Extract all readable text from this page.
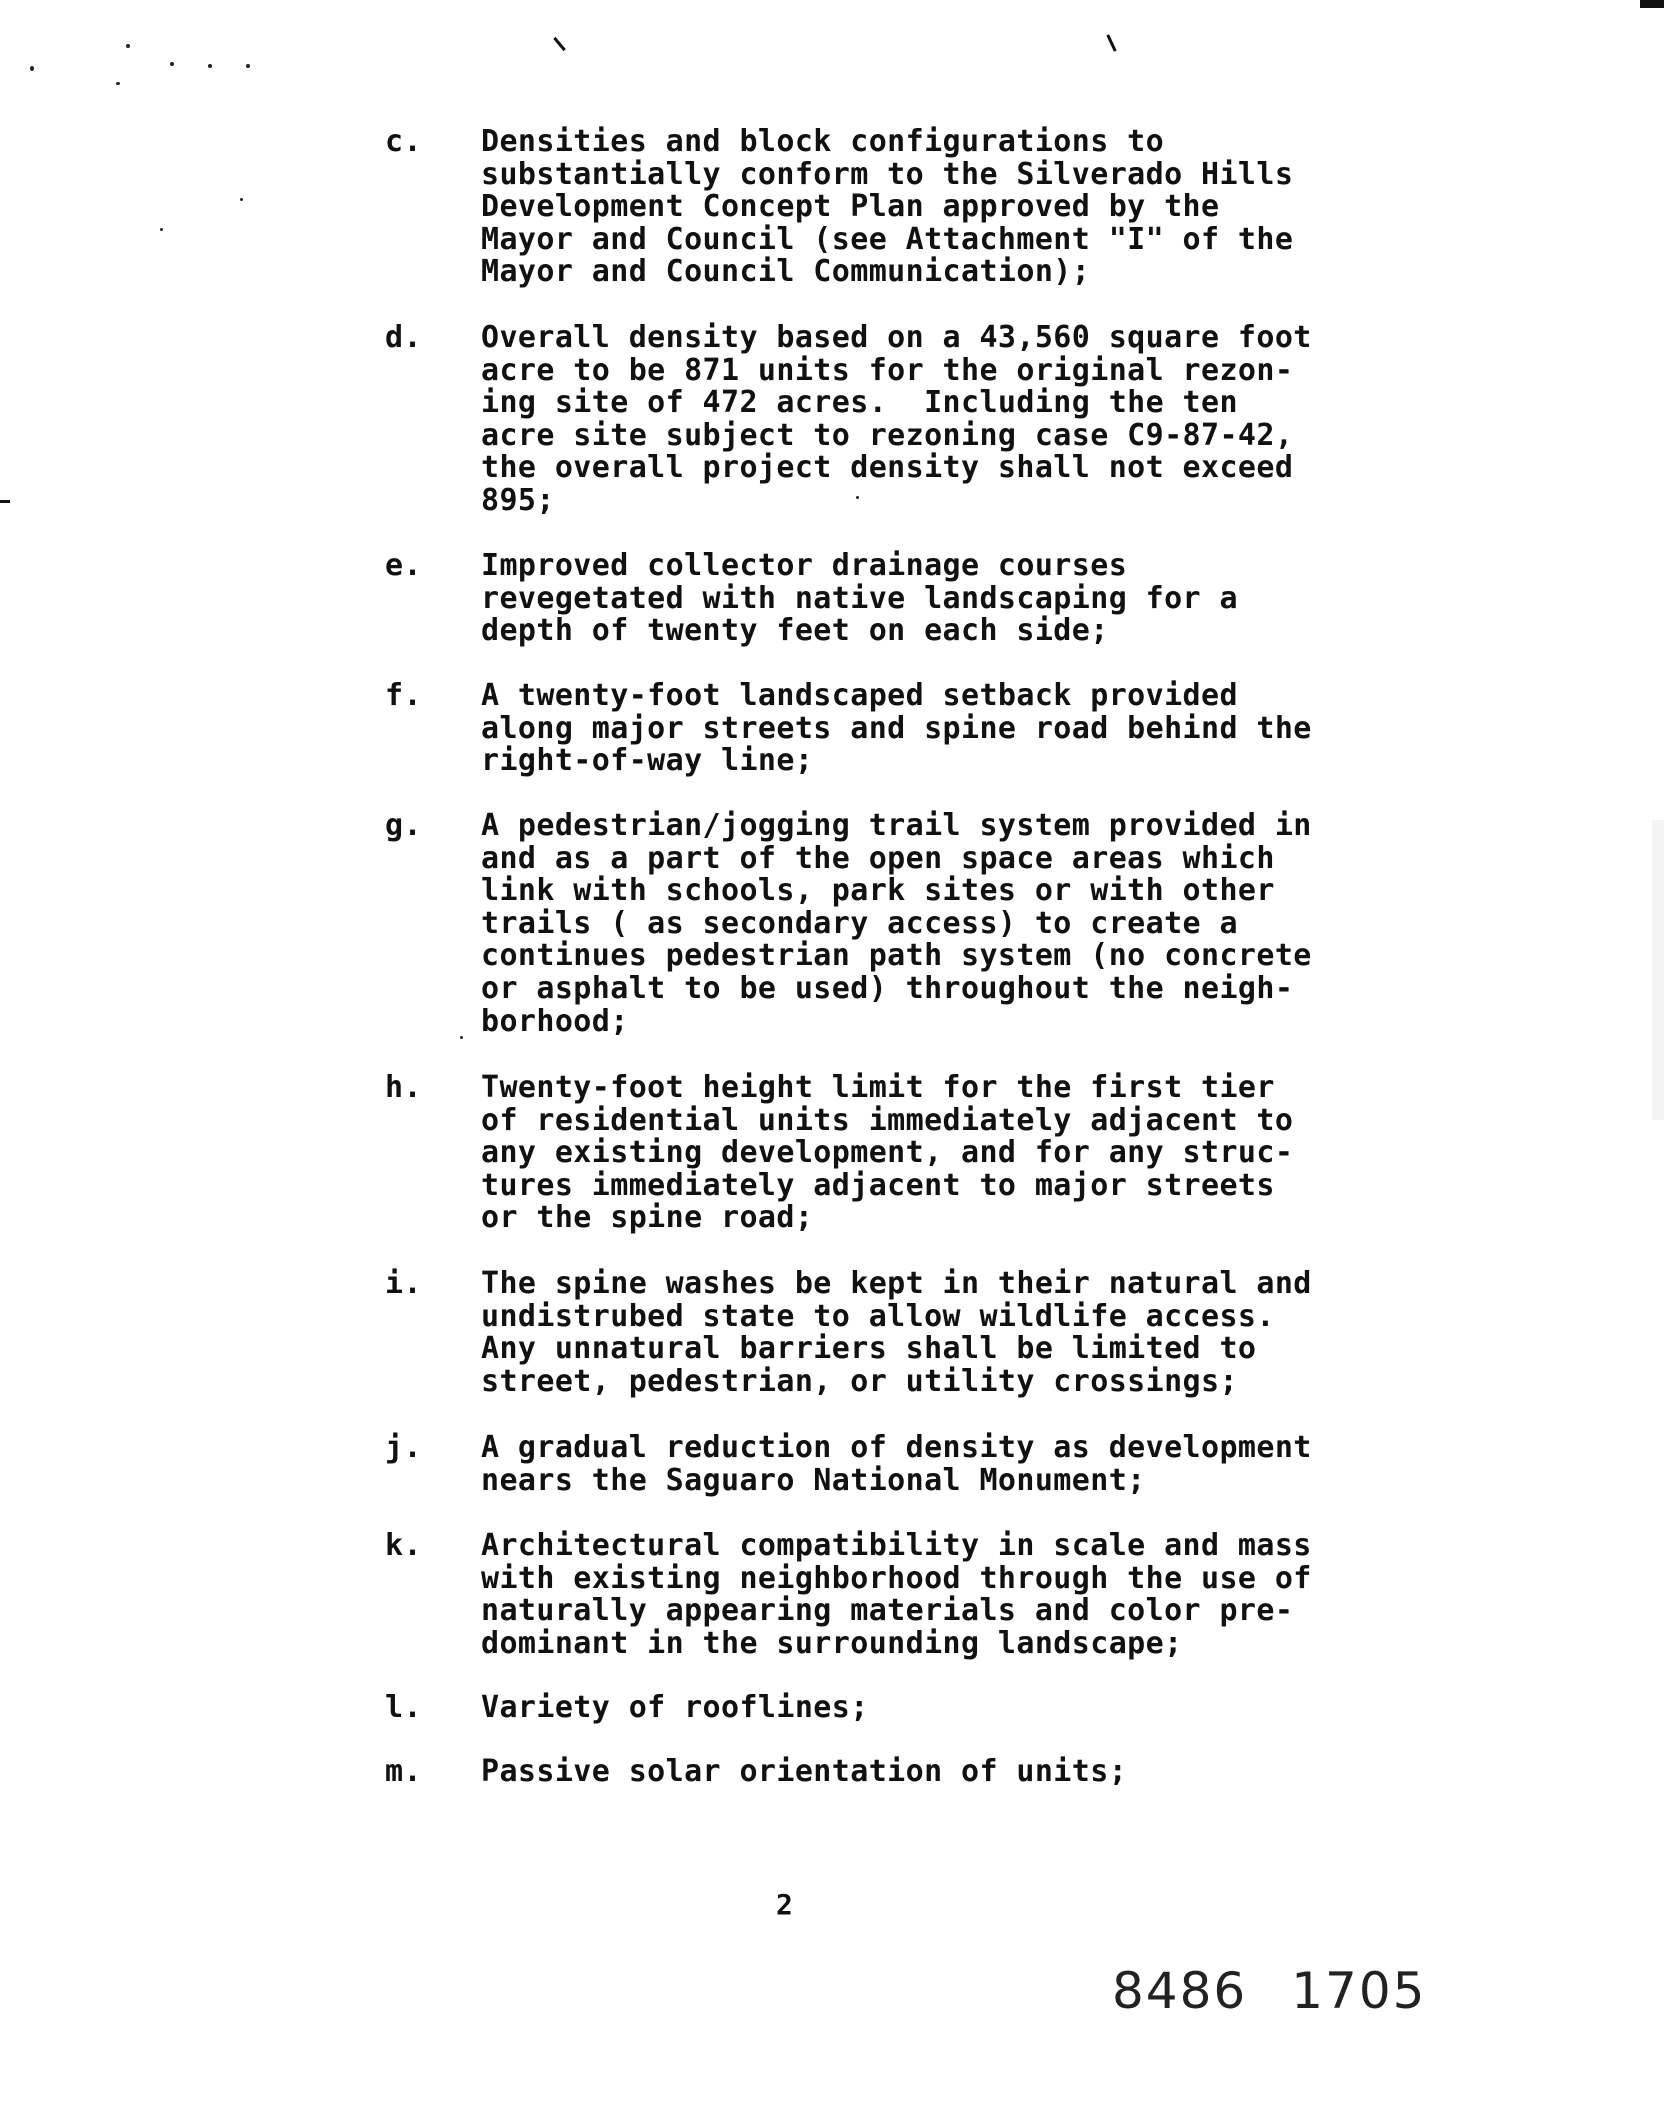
c.	Densities and block configurations to
substantially conform to the Silverado Hills
Development Concept Plan approved by the
Mayor and Council (see Attachment "I" of the
Mayor and Council Communication);
d.	Overall density based on a 43,560 square foot
acre to be 871 units for the original rezon-
ing site of 472 acres.  Including the ten
acre site subject to rezoning case C9-87-42,
the overall project density shall not exceed
895;
e.	Improved collector drainage courses
revegetated with native landscaping for a
depth of twenty feet on each side;
f.	A twenty-foot landscaped setback provided
along major streets and spine road behind the
right-of-way line;
g.	A pedestrian/jogging trail system provided in
and as a part of the open space areas which
link with schools, park sites or with other
trails ( as secondary access) to create a
continues pedestrian path system (no concrete
or asphalt to be used) throughout the neigh-
borhood;
h.	Twenty-foot height limit for the first tier
of residential units immediately adjacent to
any existing development, and for any struc-
tures immediately adjacent to major streets
or the spine road;
i.	The spine washes be kept in their natural and
undistrubed state to allow wildlife access.
Any unnatural barriers shall be limited to
street, pedestrian, or utility crossings;
j.	A gradual reduction of density as development
nears the Saguaro National Monument;
k.	Architectural compatibility in scale and mass
with existing neighborhood through the use of
naturally appearing materials and color pre-
dominant in the surrounding landscape;
l.	Variety of rooflines;
m.	Passive solar orientation of units;
2
8486 1705
